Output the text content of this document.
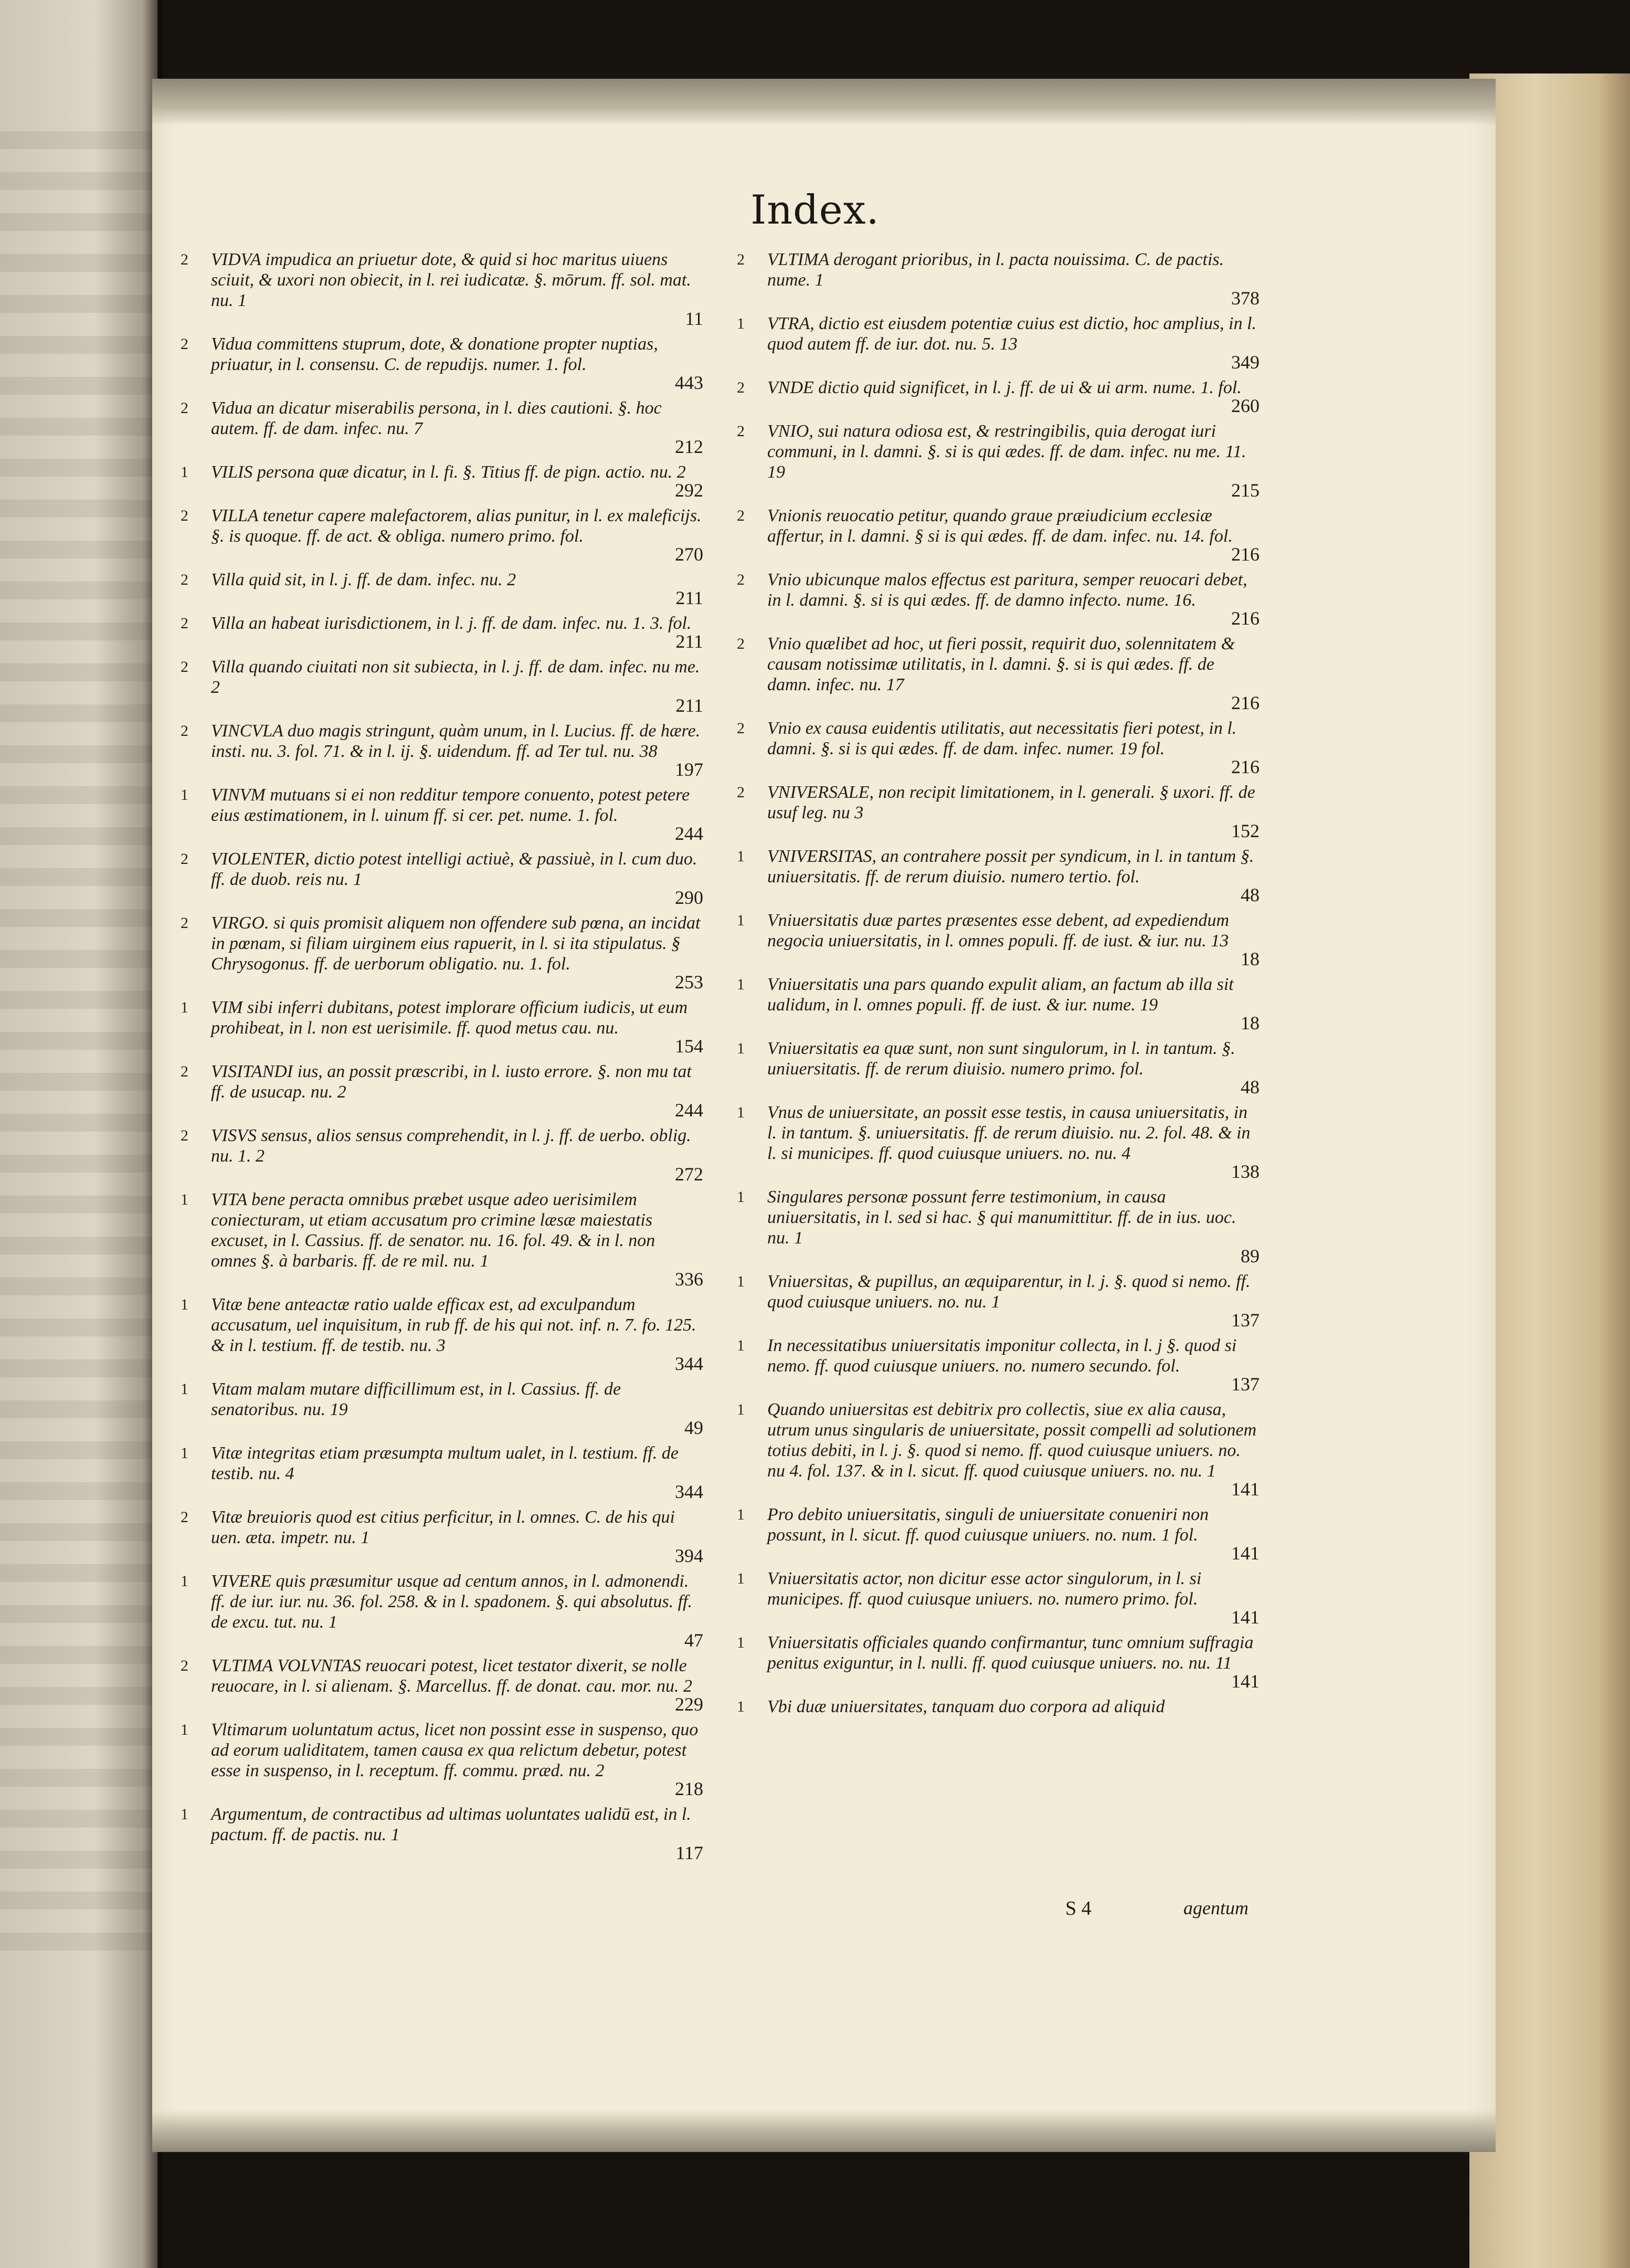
Index.
2 VIDVA impudica an priuetur dote, & quid si hoc maritus uiuens sciuit, & uxori non obiecit, in l. rei iudicatæ. §. mōrum. ff. sol. mat. nu. 1
11
2 Vidua committens stuprum, dote, & donatione propter nuptias, priuatur, in l. consensu. C. de repudijs. numer. 1. fol.
443
2 Vidua an dicatur miserabilis persona, in l. dies cautioni. §. hoc autem. ff. de dam. infec. nu. 7
212
1 VILIS persona quæ dicatur, in l. fi. §. Titius ff. de pign. actio. nu. 2
292
2 VILLA tenetur capere malefactorem, alias punitur, in l. ex maleficijs. §. is quoque. ff. de act. & obliga. numero primo. fol.
270
2 Villa quid sit, in l. j. ff. de dam. infec. nu. 2
211
2 Villa an habeat iurisdictionem, in l. j. ff. de dam. infec. nu. 1. 3. fol.
211
2 Villa quando ciuitati non sit subiecta, in l. j. ff. de dam. infec. nu me. 2
211
2 VINCVLA duo magis stringunt, quàm unum, in l. Lucius. ff. de hære. insti. nu. 3. fol. 71. & in l. ij. §. uidendum. ff. ad Ter tul. nu. 38
197
1 VINVM mutuans si ei non redditur tempore conuento, potest petere eius æstimationem, in l. uinum ff. si cer. pet. nume. 1. fol.
244
2 VIOLENTER, dictio potest intelligi actiuè, & passiuè, in l. cum duo. ff. de duob. reis nu. 1
290
2 VIRGO. si quis promisit aliquem non offendere sub pœna, an incidat in pœnam, si filiam uirginem eius rapuerit, in l. si ita stipulatus. § Chrysogonus. ff. de uerborum obligatio. nu. 1. fol.
253
1 VIM sibi inferri dubitans, potest implorare officium iudicis, ut eum prohibeat, in l. non est uerisimile. ff. quod metus cau. nu.
154
2 VISITANDI ius, an possit præscribi, in l. iusto errore. §. non mu tat ff. de usucap. nu. 2
244
2 VISVS sensus, alios sensus comprehendit, in l. j. ff. de uerbo. oblig. nu. 1. 2
272
1 VITA bene peracta omnibus præbet usque adeo uerisimilem coniecturam, ut etiam accusatum pro crimine læsæ maiestatis excuset, in l. Cassius. ff. de senator. nu. 16. fol. 49. & in l. non omnes §. à barbaris. ff. de re mil. nu. 1
336
1 Vitæ bene anteactæ ratio ualde efficax est, ad exculpandum accusatum, uel inquisitum, in rub ff. de his qui not. inf. n. 7. fo. 125. & in l. testium. ff. de testib. nu. 3
344
1 Vitam malam mutare difficillimum est, in l. Cassius. ff. de senatoribus. nu. 19
49
1 Vitæ integritas etiam præsumpta multum ualet, in l. testium. ff. de testib. nu. 4
344
2 Vitæ breuioris quod est citius perficitur, in l. omnes. C. de his qui uen. æta. impetr. nu. 1
394
1 VIVERE quis præsumitur usque ad centum annos, in l. admonendi. ff. de iur. iur. nu. 36. fol. 258. & in l. spadonem. §. qui absolutus. ff. de excu. tut. nu. 1
47
2 VLTIMA VOLVNTAS reuocari potest, licet testator dixerit, se nolle reuocare, in l. si alienam. §. Marcellus. ff. de donat. cau. mor. nu. 2
229
1 Vltimarum uoluntatum actus, licet non possint esse in suspenso, quo ad eorum ualiditatem, tamen causa ex qua relictum debetur, potest esse in suspenso, in l. receptum. ff. commu. præd. nu. 2
218
1 Argumentum, de contractibus ad ultimas uoluntates ualidū est, in l. pactum. ff. de pactis. nu. 1
117
2 VLTIMA derogant prioribus, in l. pacta nouissima. C. de pactis. nume. 1
378
1 VTRA, dictio est eiusdem potentiæ cuius est dictio, hoc amplius, in l. quod autem ff. de iur. dot. nu. 5. 13
349
2 VNDE dictio quid significet, in l. j. ff. de ui & ui arm. nume. 1. fol.
260
2 VNIO, sui natura odiosa est, & restringibilis, quia derogat iuri communi, in l. damni. §. si is qui ædes. ff. de dam. infec. nu me. 11. 19
215
2 Vnionis reuocatio petitur, quando graue præiudicium ecclesiæ affertur, in l. damni. § si is qui ædes. ff. de dam. infec. nu. 14. fol.
216
2 Vnio ubicunque malos effectus est paritura, semper reuocari debet, in l. damni. §. si is qui ædes. ff. de damno infecto. nume. 16.
216
2 Vnio quælibet ad hoc, ut fieri possit, requirit duo, solennitatem & causam notissimæ utilitatis, in l. damni. §. si is qui ædes. ff. de damn. infec. nu. 17
216
2 Vnio ex causa euidentis utilitatis, aut necessitatis fieri potest, in l. damni. §. si is qui ædes. ff. de dam. infec. numer. 19 fol.
216
2 VNIVERSALE, non recipit limitationem, in l. generali. § uxori. ff. de usuf leg. nu 3
152
1 VNIVERSITAS, an contrahere possit per syndicum, in l. in tantum §. uniuersitatis. ff. de rerum diuisio. numero tertio. fol.
48
1 Vniuersitatis duæ partes præsentes esse debent, ad expediendum negocia uniuersitatis, in l. omnes populi. ff. de iust. & iur. nu. 13
18
1 Vniuersitatis una pars quando expulit aliam, an factum ab illa sit ualidum, in l. omnes populi. ff. de iust. & iur. nume. 19
18
1 Vniuersitatis ea quæ sunt, non sunt singulorum, in l. in tantum. §. uniuersitatis. ff. de rerum diuisio. numero primo. fol.
48
1 Vnus de uniuersitate, an possit esse testis, in causa uniuersitatis, in l. in tantum. §. uniuersitatis. ff. de rerum diuisio. nu. 2. fol. 48. & in l. si municipes. ff. quod cuiusque uniuers. no. nu. 4
138
1 Singulares personæ possunt ferre testimonium, in causa uniuersitatis, in l. sed si hac. § qui manumittitur. ff. de in ius. uoc. nu. 1
89
1 Vniuersitas, & pupillus, an æquiparentur, in l. j. §. quod si nemo. ff. quod cuiusque uniuers. no. nu. 1
137
1 In necessitatibus uniuersitatis imponitur collecta, in l. j §. quod si nemo. ff. quod cuiusque uniuers. no. numero secundo. fol.
137
1 Quando uniuersitas est debitrix pro collectis, siue ex alia causa, utrum unus singularis de uniuersitate, possit compelli ad solutionem totius debiti, in l. j. §. quod si nemo. ff. quod cuiusque uniuers. no. nu 4. fol. 137. & in l. sicut. ff. quod cuiusque uniuers. no. nu. 1
141
1 Pro debito uniuersitatis, singuli de uniuersitate conueniri non possunt, in l. sicut. ff. quod cuiusque uniuers. no. num. 1 fol.
141
1 Vniuersitatis actor, non dicitur esse actor singulorum, in l. si municipes. ff. quod cuiusque uniuers. no. numero primo. fol.
141
1 Vniuersitatis officiales quando confirmantur, tunc omnium suffragia penitus exiguntur, in l. nulli. ff. quod cuiusque uniuers. no. nu. 11
141
1 Vbi duæ uniuersitates, tanquam duo corpora ad aliquid
S 4	agentum
